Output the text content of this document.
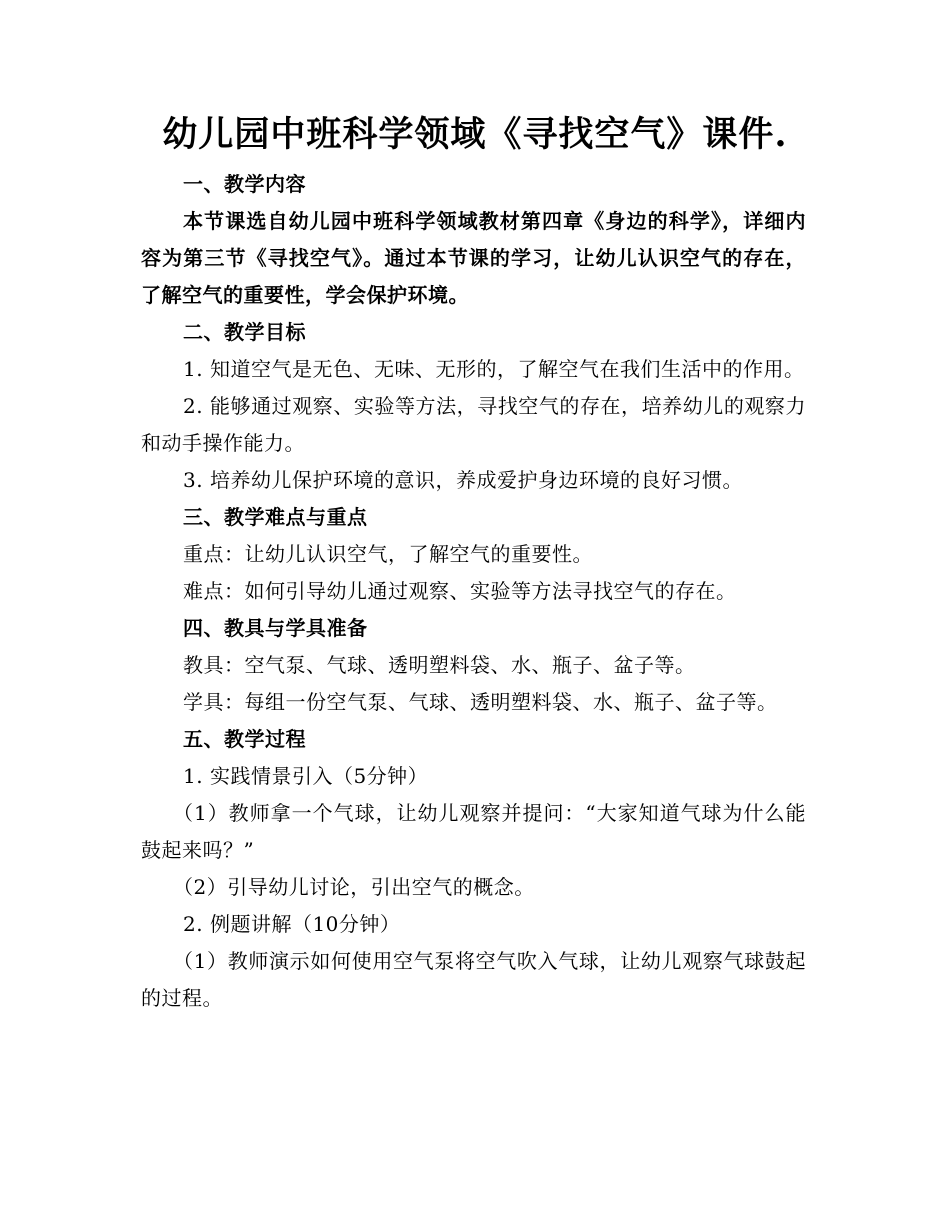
幼儿园中班科学领域《寻找空气》课件.

一、教学内容

本节课选自幼儿园中班科学领域教材第四章《身边的科学》，详细内容为第三节《寻找空气》。通过本节课的学习，让幼儿认识空气的存在，了解空气的重要性，学会保护环境。

二、教学目标

1. 知道空气是无色、无味、无形的，了解空气在我们生活中的作用。

2. 能够通过观察、实验等方法，寻找空气的存在，培养幼儿的观察力和动手操作能力。

3. 培养幼儿保护环境的意识，养成爱护身边环境的良好习惯。

三、教学难点与重点

重点：让幼儿认识空气，了解空气的重要性。

难点：如何引导幼儿通过观察、实验等方法寻找空气的存在。

四、教具与学具准备

教具：空气泵、气球、透明塑料袋、水、瓶子、盆子等。

学具：每组一份空气泵、气球、透明塑料袋、水、瓶子、盆子等。

五、教学过程

1. 实践情景引入（5分钟）

（1）教师拿一个气球，让幼儿观察并提问：“大家知道气球为什么能鼓起来吗？”

（2）引导幼儿讨论，引出空气的概念。

2. 例题讲解（10分钟）

（1）教师演示如何使用空气泵将空气吹入气球，让幼儿观察气球鼓起的过程。
